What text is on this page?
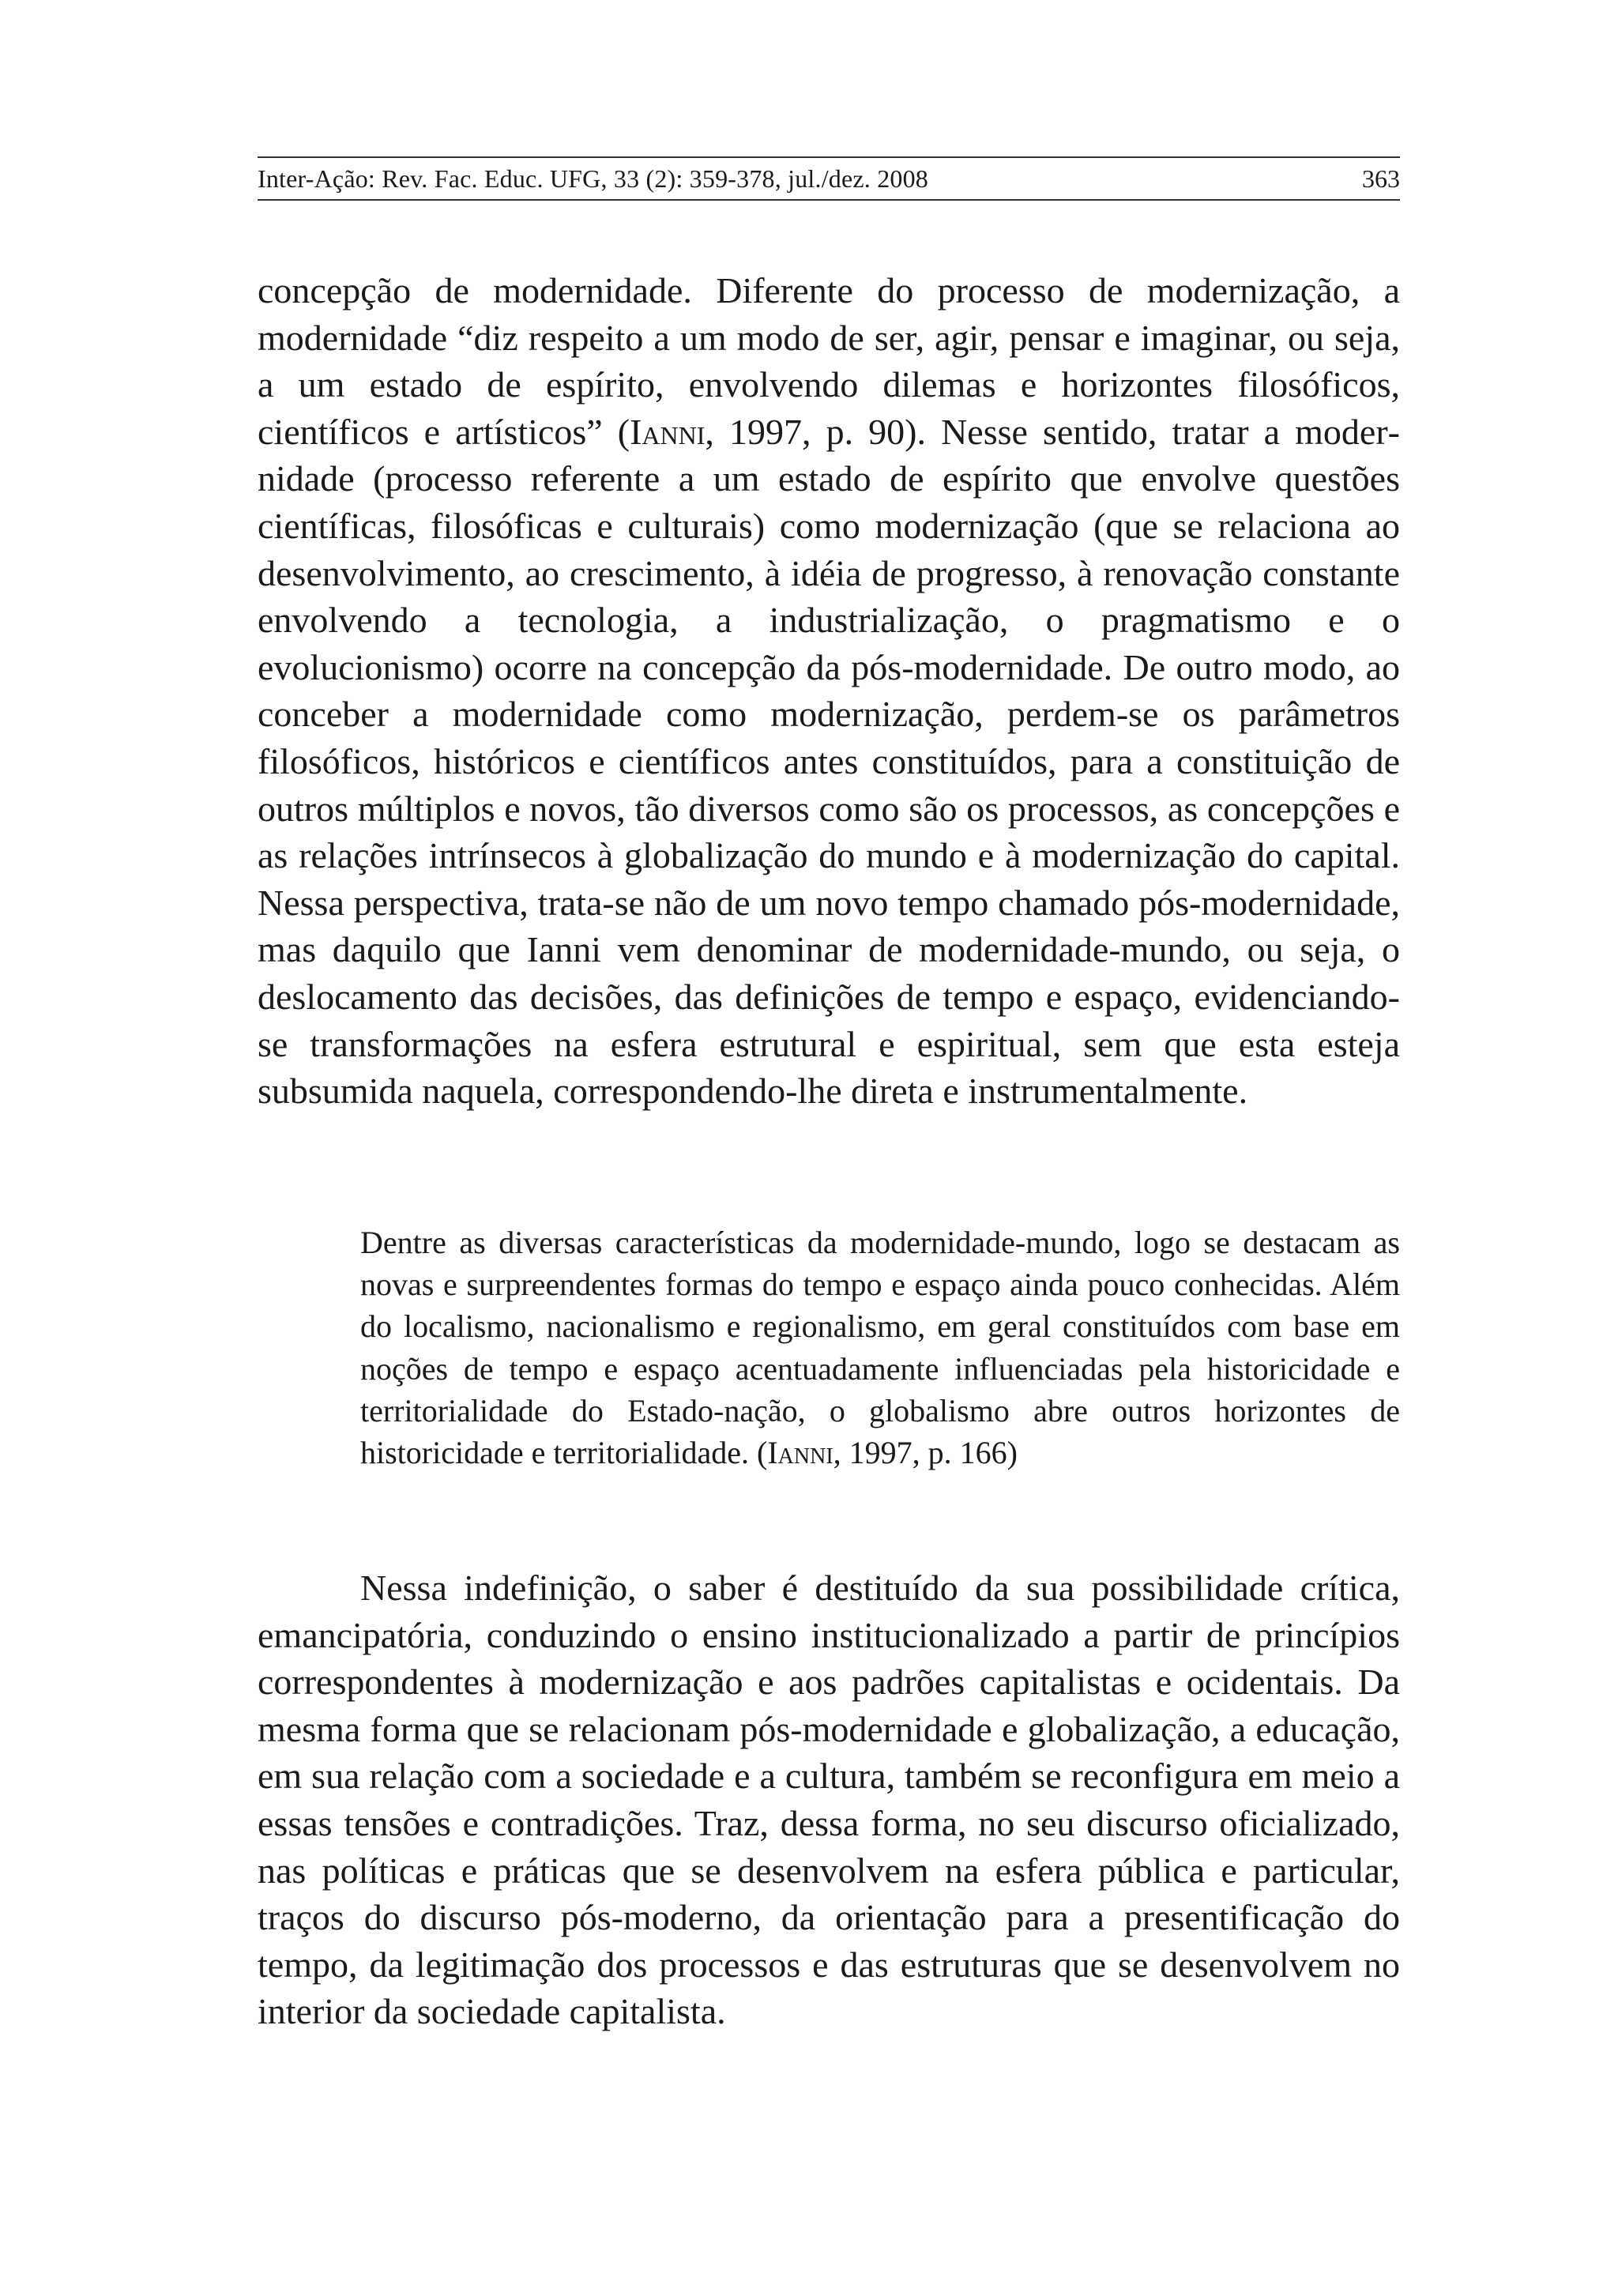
Inter-Ação: Rev. Fac. Educ. UFG, 33 (2): 359-378, jul./dez. 2008	363

concepção de modernidade. Diferente do processo de modernização, a modernidade “diz respeito a um modo de ser, agir, pensar e imaginar, ou seja, a um estado de espírito, envolvendo dilemas e horizontes filosóficos, científicos e artísticos” (Ianni, 1997, p. 90). Nesse sentido, tratar a modernidade (processo referente a um estado de espírito que envolve questões científicas, filosóficas e culturais) como modernização (que se relaciona ao desenvolvimento, ao crescimento, à idéia de progresso, à renovação constante envolvendo a tecnologia, a industrialização, o pragmatismo e o evolucionismo) ocorre na concepção da pós-modernidade. De outro modo, ao conceber a modernidade como modernização, perdem-se os parâmetros filosóficos, históricos e científicos antes constituídos, para a constituição de outros múltiplos e novos, tão diversos como são os processos, as concepções e as relações intrínsecos à globalização do mundo e à modernização do capital. Nessa perspectiva, trata-se não de um novo tempo chamado pós-modernidade, mas daquilo que Ianni vem denominar de modernidade-mundo, ou seja, o deslocamento das decisões, das definições de tempo e espaço, evidenciando-se transformações na esfera estrutural e espiritual, sem que esta esteja subsumida naquela, correspondendo-lhe direta e instrumentalmente.

Dentre as diversas características da modernidade-mundo, logo se destacam as novas e surpreendentes formas do tempo e espaço ainda pouco conhecidas. Além do localismo, nacionalismo e regionalismo, em geral constituídos com base em noções de tempo e espaço acentuadamente influenciadas pela historicidade e territorialidade do Estado-nação, o globalismo abre outros horizontes de historicidade e territorialidade. (Ianni, 1997, p. 166)

Nessa indefinição, o saber é destituído da sua possibilidade crítica, emancipatória, conduzindo o ensino institucionalizado a partir de princípios correspondentes à modernização e aos padrões capitalistas e ocidentais. Da mesma forma que se relacionam pós-modernidade e globalização, a educação, em sua relação com a sociedade e a cultura, também se reconfigura em meio a essas tensões e contradições. Traz, dessa forma, no seu discurso oficializado, nas políticas e práticas que se desenvolvem na esfera pública e particular, traços do discurso pós-moderno, da orientação para a presentificação do tempo, da legitimação dos processos e das estruturas que se desenvolvem no interior da sociedade capitalista.
